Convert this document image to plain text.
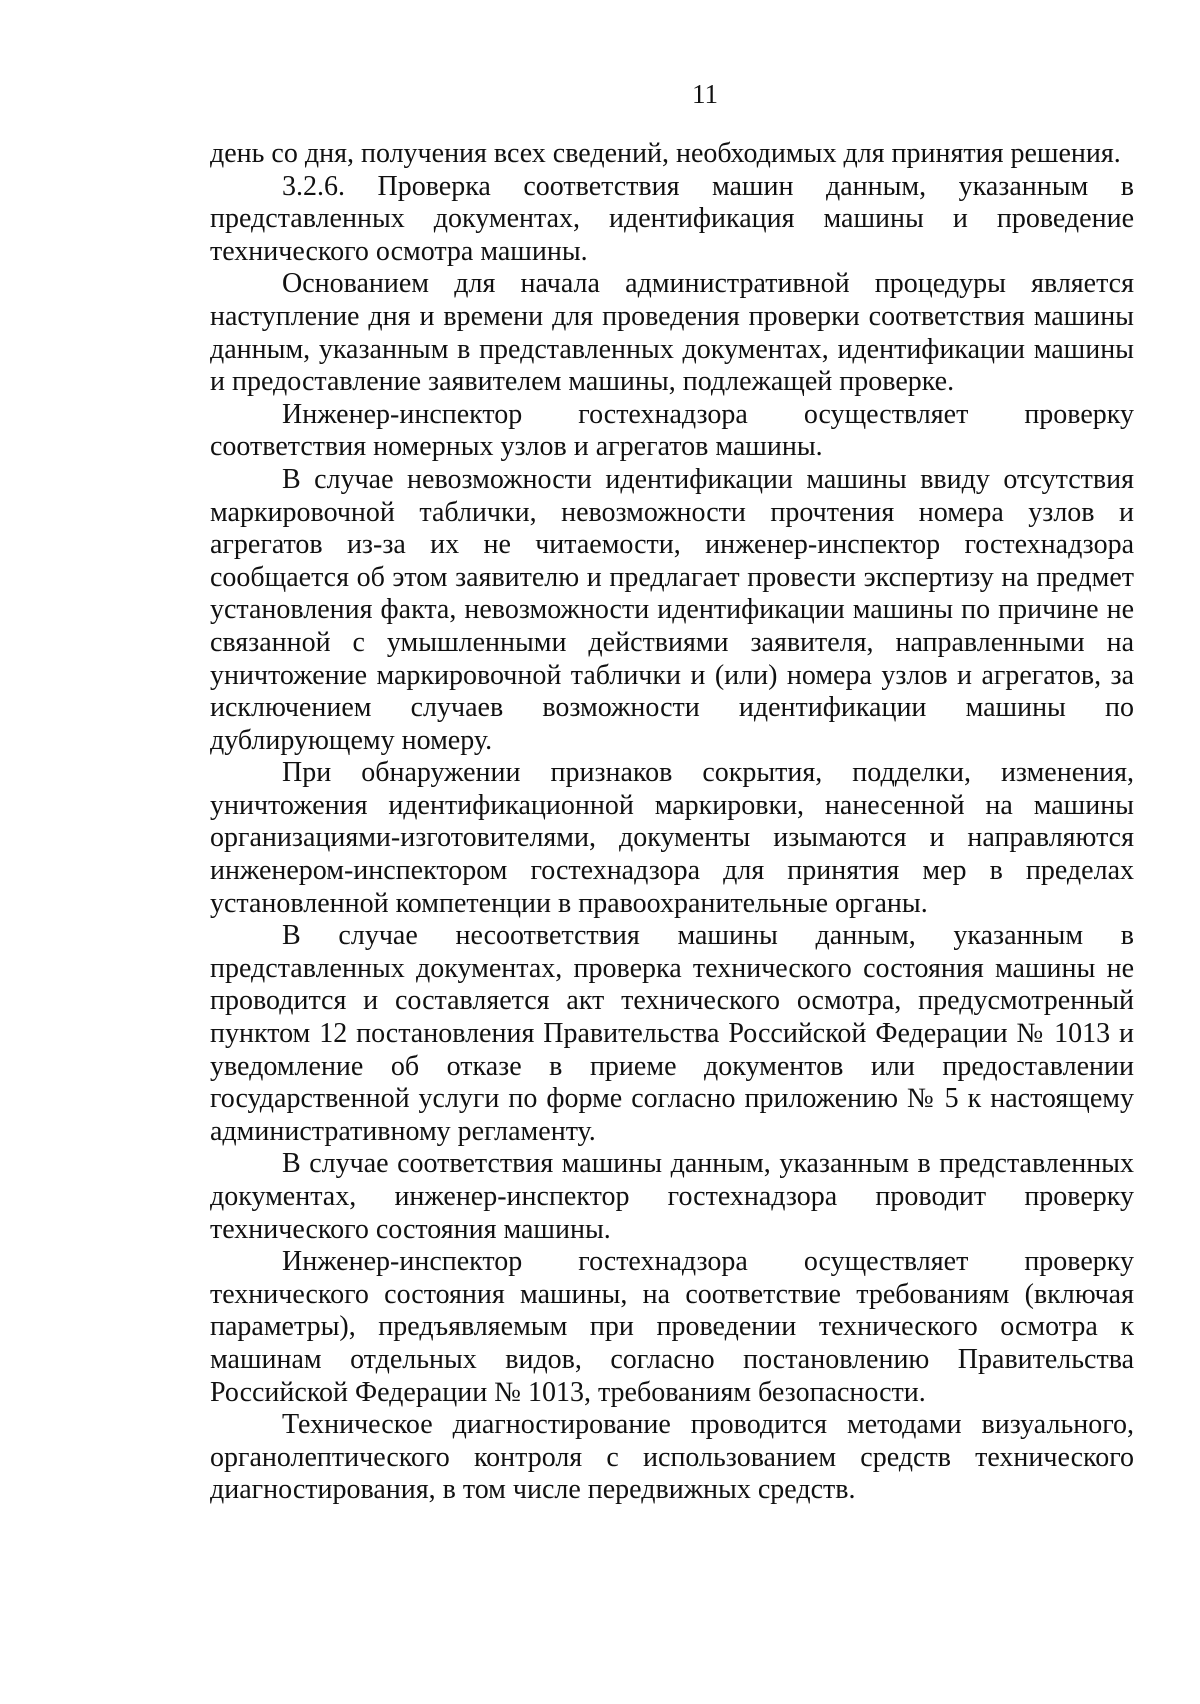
11

день со дня, получения всех сведений, необходимых для принятия решения.

3.2.6. Проверка соответствия машин данным, указанным в представленных документах, идентификация машины и проведение технического осмотра машины.

Основанием для начала административной процедуры является наступление дня и времени для проведения проверки соответствия машины данным, указанным в представленных документах, идентификации машины и предоставление заявителем машины, подлежащей проверке.

Инженер-инспектор гостехнадзора осуществляет проверку соответствия номерных узлов и агрегатов машины.

В случае невозможности идентификации машины ввиду отсутствия маркировочной таблички, невозможности прочтения номера узлов и агрегатов из-за их не читаемости, инженер-инспектор гостехнадзора сообщается об этом заявителю и предлагает провести экспертизу на предмет установления факта, невозможности идентификации машины по причине не связанной с умышленными действиями заявителя, направленными на уничтожение маркировочной таблички и (или) номера узлов и агрегатов, за исключением случаев возможности идентификации машины по дублирующему номеру.

При обнаружении признаков сокрытия, подделки, изменения, уничтожения идентификационной маркировки, нанесенной на машины организациями-изготовителями, документы изымаются и направляются инженером-инспектором гостехнадзора для принятия мер в пределах установленной компетенции в правоохранительные органы.

В случае несоответствия машины данным, указанным в представленных документах, проверка технического состояния машины не проводится и составляется акт технического осмотра, предусмотренный пунктом 12 постановления Правительства Российской Федерации № 1013 и уведомление об отказе в приеме документов или предоставлении государственной услуги по форме согласно приложению № 5 к настоящему административному регламенту.

В случае соответствия машины данным, указанным в представленных документах, инженер-инспектор гостехнадзора проводит проверку технического состояния машины.

Инженер-инспектор гостехнадзора осуществляет проверку технического состояния машины, на соответствие требованиям (включая параметры), предъявляемым при проведении технического осмотра к машинам отдельных видов, согласно постановлению Правительства Российской Федерации № 1013, требованиям безопасности.

Техническое диагностирование проводится методами визуального, органолептического контроля с использованием средств технического диагностирования, в том числе передвижных средств.
